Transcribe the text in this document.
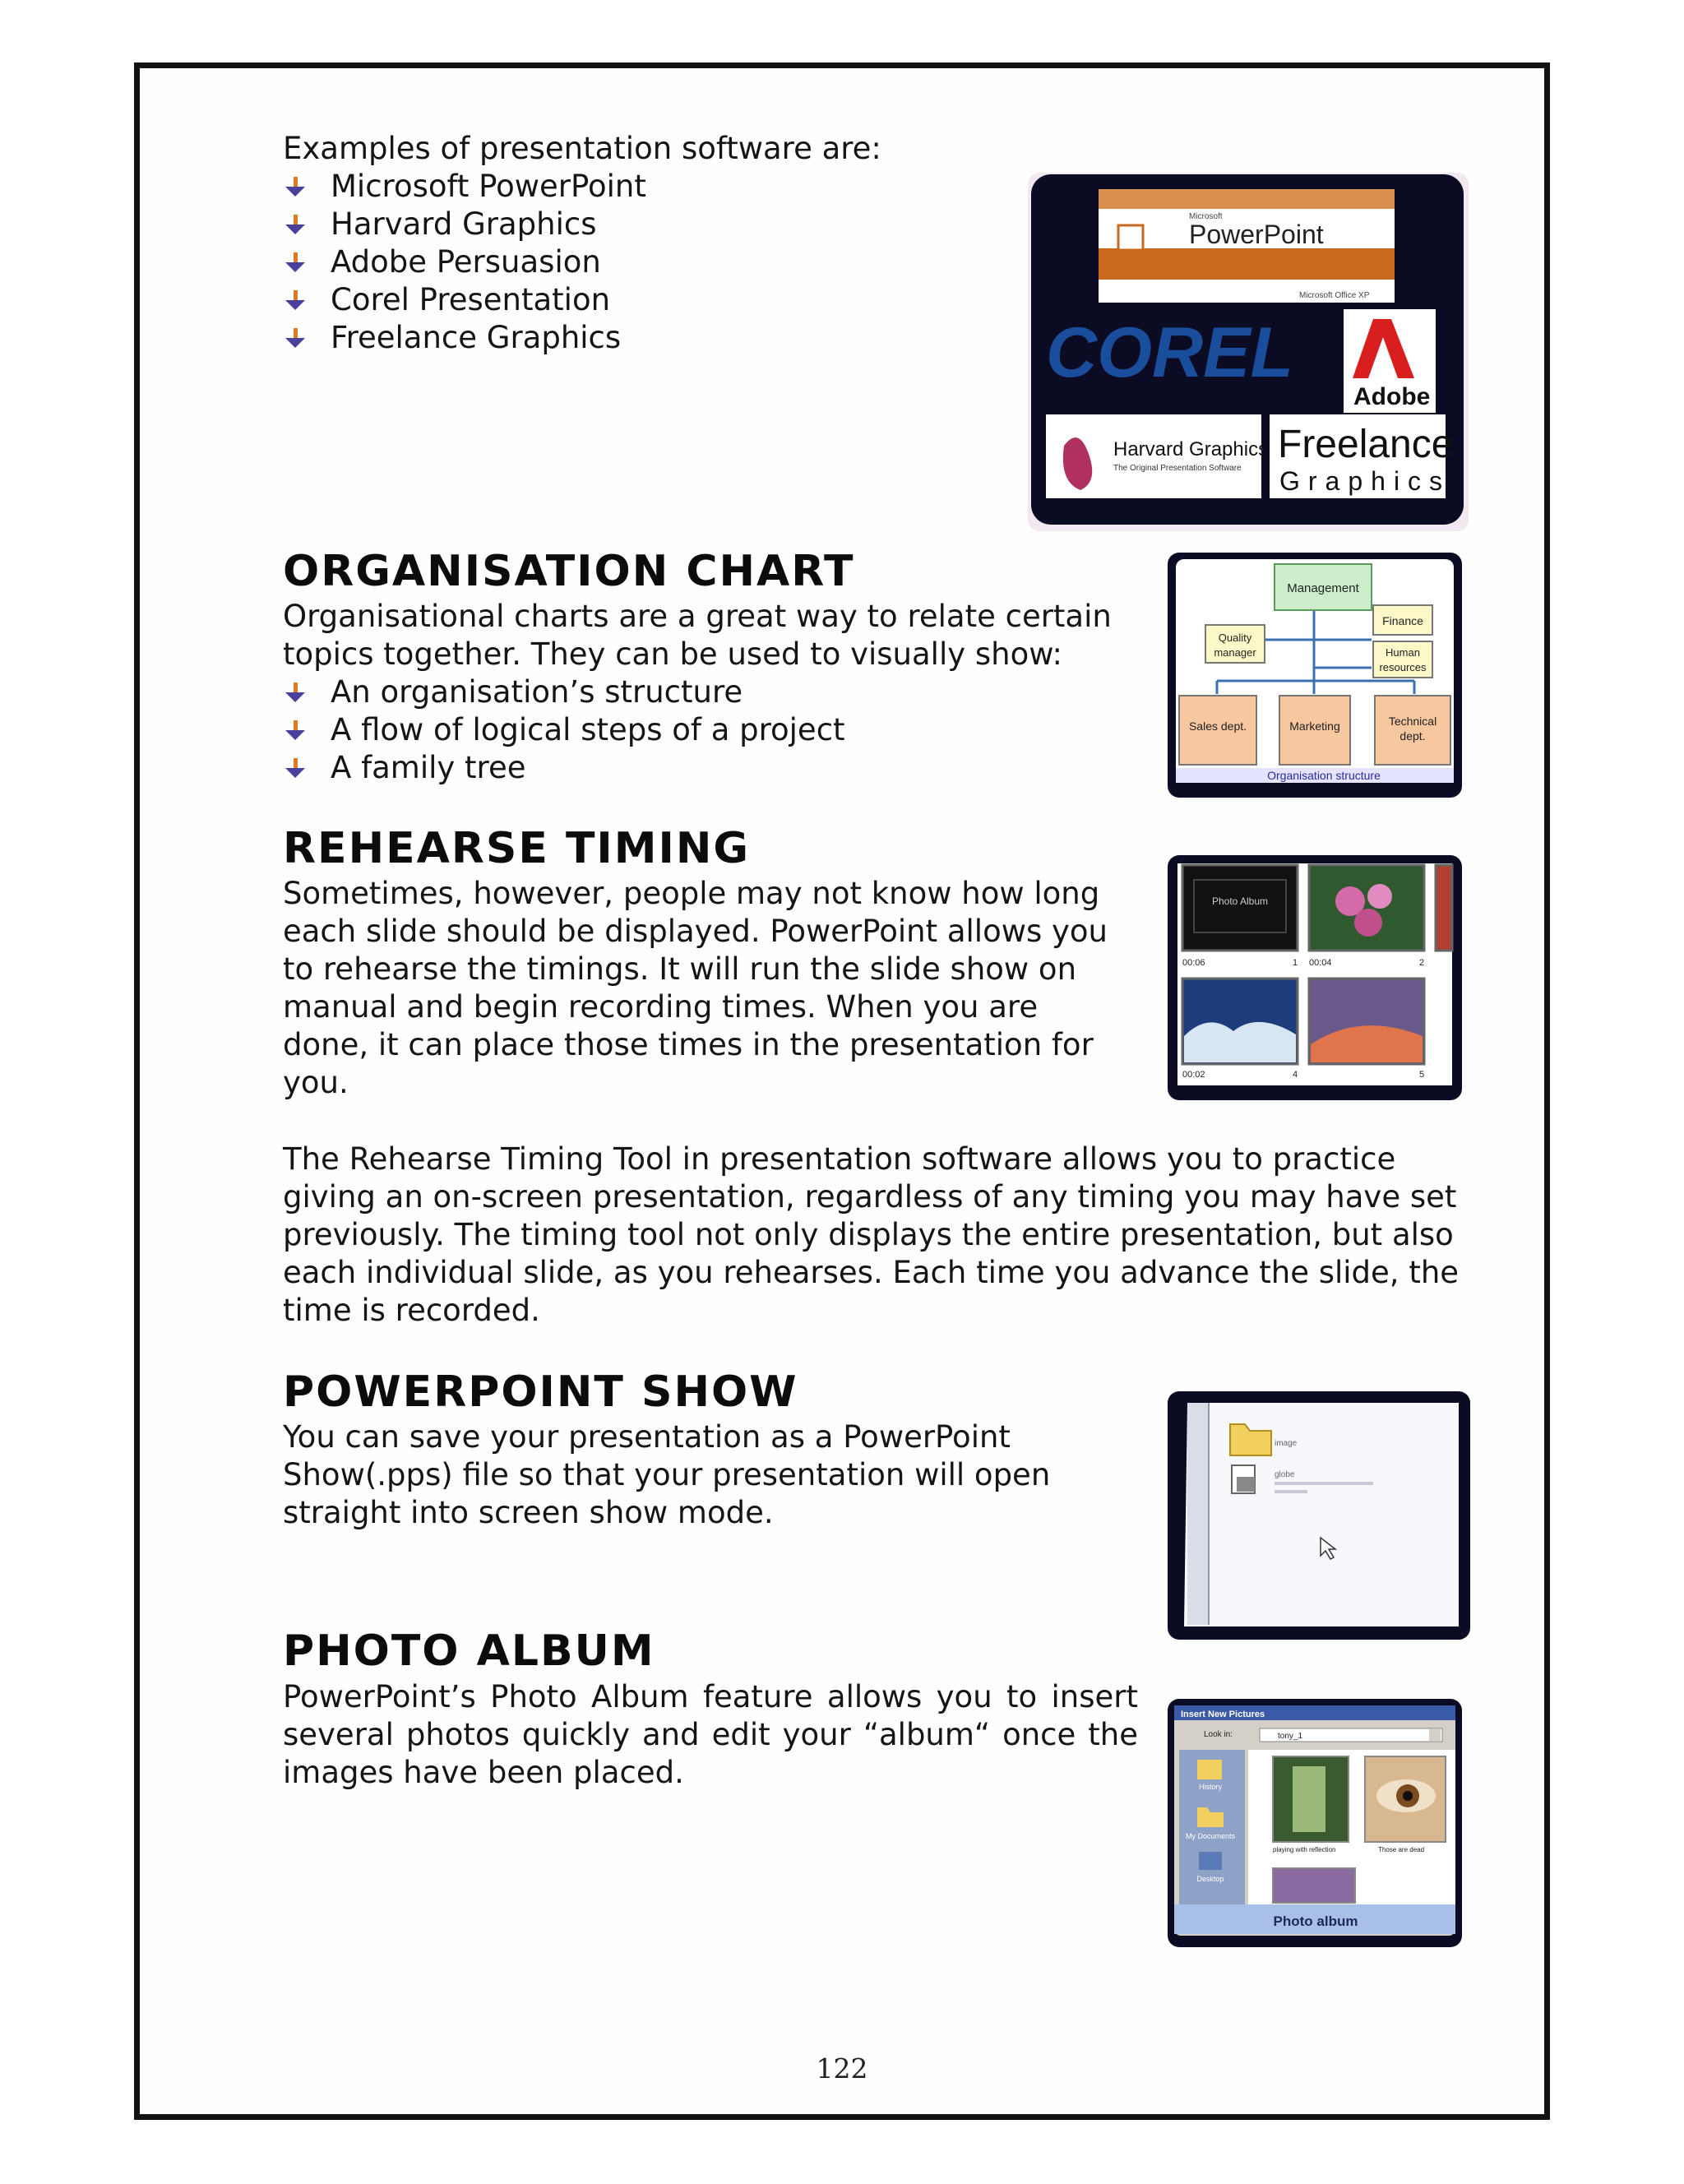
Examples of presentation software are:
Microsoft PowerPoint
Harvard Graphics
Adobe Persuasion
Corel Presentation
Freelance Graphics
Microsoft
PowerPoint
Microsoft Office XP
COREL
Adobe
Harvard Graphics
The Original Presentation Software
Freelance
Graphics
ORGANISATION CHART
Organisational charts are a great way to relate certain topics together. They can be used to visually show:
An organisation’s structure
A flow of logical steps of a project
A family tree
Management
Quality
manager
Finance
Human
resources
Sales dept.	Marketing	Technical
dept.
Organisation structure
REHEARSE TIMING

Sometimes, however, people may not know how long each slide should be displayed. PowerPoint allows you to rehearse the timings. It will run the slide show on manual and begin recording times. When you are done, it can place those times in the presentation for you.

The Rehearse Timing Tool in presentation software allows you to practice giving an on-screen presentation, regardless of any timing you may have set previously. The timing tool not only displays the entire presentation, but also each individual slide, as you rehearses. Each time you advance the slide, the time is recorded.

Photo Album
00:06	1 00:04	2
00:02	4	5
POWERPOINT SHOW

You can save your presentation as a PowerPoint Show(.pps) file so that your presentation will open straight into screen show mode.

image
globe
PHOTO ALBUM

PowerPoint’s Photo Album feature allows you to insert several photos quickly and edit your “album“ once the images have been placed.

Insert New Pictures
Look in:	tony_1
History
My Documents
Desktop
playing with reflection	Those are dead
Photo album
122
